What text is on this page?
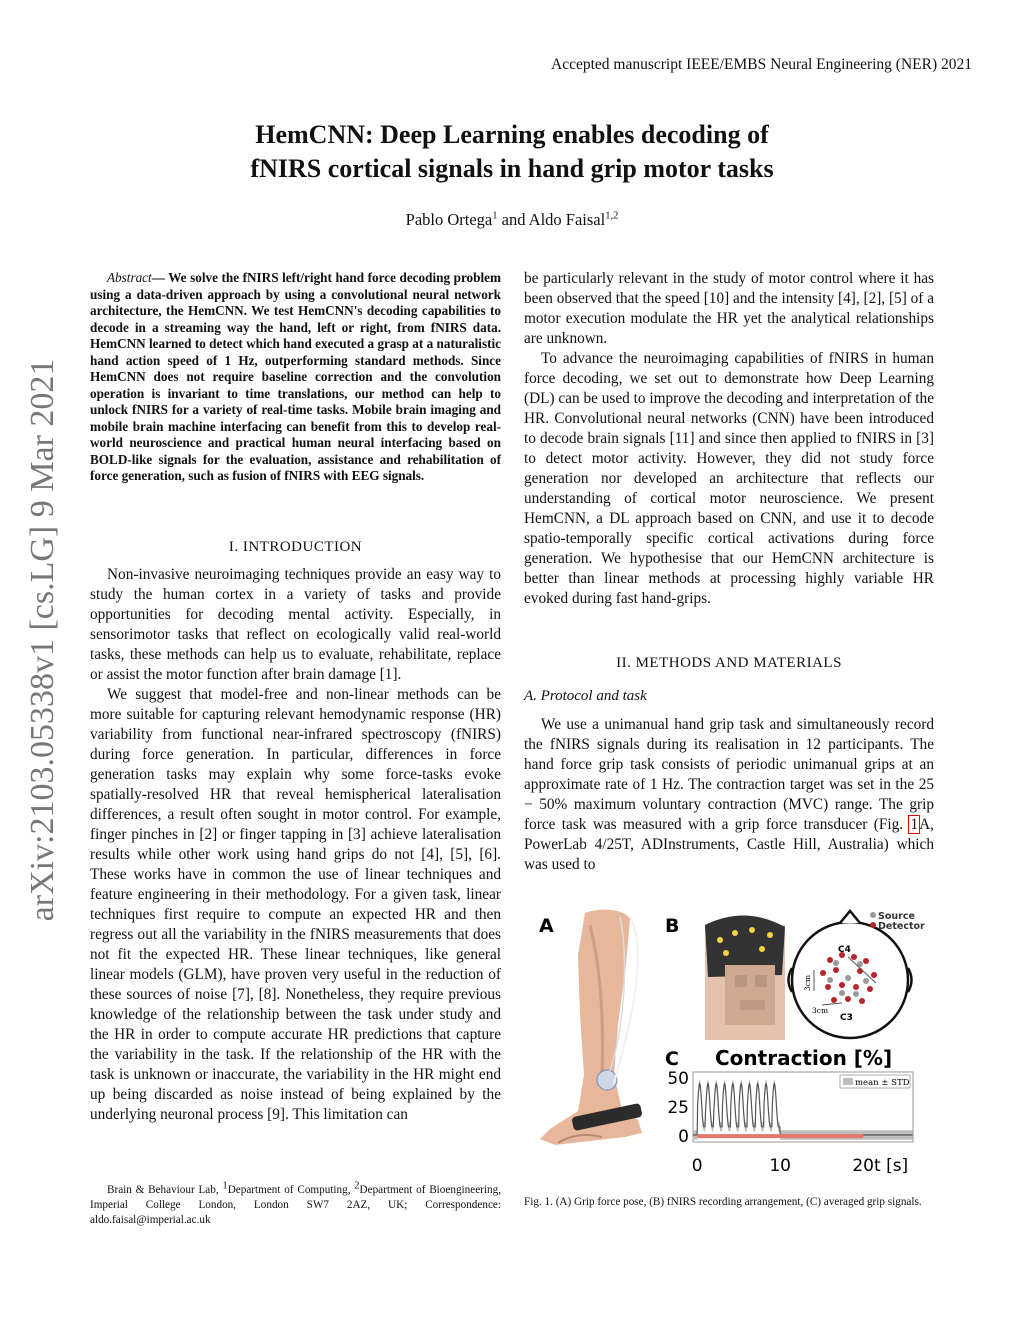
Accepted manuscript IEEE/EMBS Neural Engineering (NER) 2021
HemCNN: Deep Learning enables decoding of
fNIRS cortical signals in hand grip motor tasks
Pablo Ortega$^1$ and Aldo Faisal$^{1,2}$
arXiv:2103.05338v1 [cs.LG] 9 Mar 2021

Abstract— We solve the fNIRS left/right hand force decoding problem using a data-driven approach by using a convolutional neural network architecture, the HemCNN. We test HemCNN's decoding capabilities to decode in a streaming way the hand, left or right, from fNIRS data. HemCNN learned to detect which hand executed a grasp at a naturalistic hand action speed of 1 Hz, outperforming standard methods. Since HemCNN does not require baseline correction and the convolution operation is invariant to time translations, our method can help to unlock fNIRS for a variety of real-time tasks. Mobile brain imaging and mobile brain machine interfacing can benefit from this to develop real-world neuroscience and practical human neural interfacing based on BOLD-like signals for the evaluation, assistance and rehabilitation of force generation, such as fusion of fNIRS with EEG signals.

I. INTRODUCTION

Non-invasive neuroimaging techniques provide an easy way to study the human cortex in a variety of tasks and provide opportunities for decoding mental activity. Especially, in sensorimotor tasks that reflect on ecologically valid real-world tasks, these methods can help us to evaluate, rehabilitate, replace or assist the motor function after brain damage [1].

We suggest that model-free and non-linear methods can be more suitable for capturing relevant hemodynamic response (HR) variability from functional near-infrared spectroscopy (fNIRS) during force generation. In particular, differences in force generation tasks may explain why some force-tasks evoke spatially-resolved HR that reveal hemispherical lateralisation differences, a result often sought in motor control. For example, finger pinches in [2] or finger tapping in [3] achieve lateralisation results while other work using hand grips do not [4], [5], [6]. These works have in common the use of linear techniques and feature engineering in their methodology. For a given task, linear techniques first require to compute an expected HR and then regress out all the variability in the fNIRS measurements that does not fit the expected HR. These linear techniques, like general linear models (GLM), have proven very useful in the reduction of these sources of noise [7], [8]. Nonetheless, they require previous knowledge of the relationship between the task under study and the HR in order to compute accurate HR predictions that capture the variability in the task. If the relationship of the HR with the task is unknown or inaccurate, the variability in the HR might end up being discarded as noise instead of being explained by the underlying neuronal process [9]. This limitation can

Brain & Behaviour Lab, $^1$Department of Computing, $^2$Department of Bioengineering, Imperial College London, London SW7 2AZ, UK; Correspondence: aldo.faisal@imperial.ac.uk

be particularly relevant in the study of motor control where it has been observed that the speed [10] and the intensity [4], [2], [5] of a motor execution modulate the HR yet the analytical relationships are unknown.

To advance the neuroimaging capabilities of fNIRS in human force decoding, we set out to demonstrate how Deep Learning (DL) can be used to improve the decoding and interpretation of the HR. Convolutional neural networks (CNN) have been introduced to decode brain signals [11] and since then applied to fNIRS in [3] to detect motor activity. However, they did not study force generation nor developed an architecture that reflects our understanding of cortical motor neuroscience. We present HemCNN, a DL approach based on CNN, and use it to decode spatio-temporally specific cortical activations during force generation. We hypothesise that our HemCNN architecture is better than linear methods at processing highly variable HR evoked during fast hand-grips.

II. METHODS AND MATERIALS
A. Protocol and task

We use a unimanual hand grip task and simultaneously record the fNIRS signals during its realisation in 12 participants. The hand force grip task consists of periodic unimanual grips at an approximate rate of 1 Hz. The contraction target was set in the 25 − 50% maximum voluntary contraction (MVC) range. The grip force task was measured with a grip force transducer (Fig. 1A, PowerLab 4/25T, ADInstruments, Castle Hill, Australia) which was used to

A	B
C4
C3
3cm
3cm
Source
Detector
C Contraction [%]
0
25
50
0	10	20
mean ± STD
t [s]
Fig. 1. (A) Grip force pose, (B) fNIRS recording arrangement, (C) averaged grip signals.
